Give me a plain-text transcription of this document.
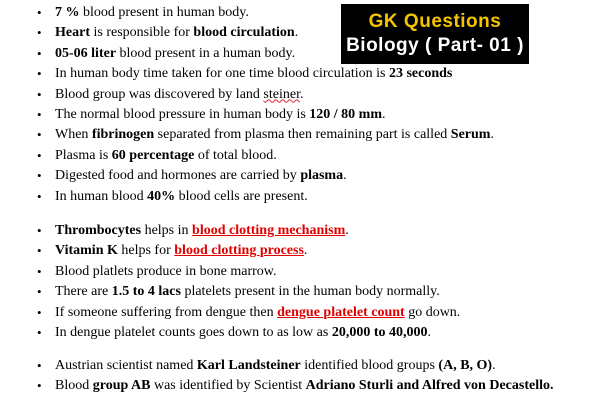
GK Questions
Biology ( Part- 01 )
• 7 % blood present in human body.
• Heart is responsible for blood circulation.
• 05-06 liter blood present in a human body.
• In human body time taken for one time blood circulation is 23 seconds
• Blood group was discovered by land steiner.
• The normal blood pressure in human body is 120 / 80 mm.
• When fibrinogen separated from plasma then remaining part is called Serum.
• Plasma is 60 percentage of total blood.
• Digested food and hormones are carried by plasma.
• In human blood 40% blood cells are present.
• Thrombocytes helps in blood clotting mechanism.
• Vitamin K helps for blood clotting process.
• Blood platlets produce in bone marrow.
• There are 1.5 to 4 lacs platelets present in the human body normally.
• If someone suffering from dengue then dengue platelet count go down.
• In dengue platelet counts goes down to as low as 20,000 to 40,000.
• Austrian scientist named Karl Landsteiner identified blood groups (A, B, O).
• Blood group AB was identified by Scientist Adriano Sturli and Alfred von Decastello.
